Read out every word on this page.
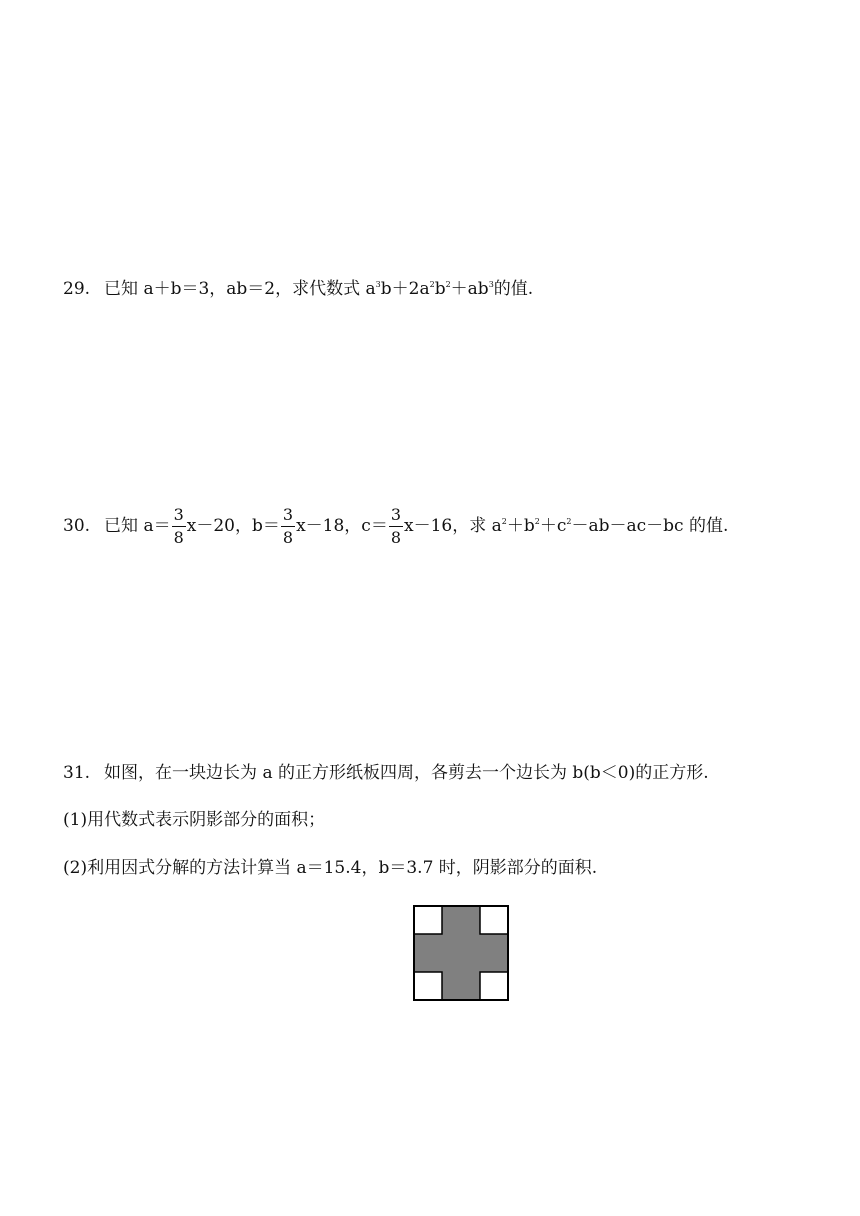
29. 已知 a＋b＝3，ab＝2，求代数式 $a^3b+2a^2b^2+ab^3$的值.
30. 已知 $a= \frac{3}{8} x-20$，$b= \frac{3}{8} x-18$，$c= \frac{3}{8} x-16$，求 $a^2+b^2+c^2-ab-ac-bc$ 的值.
31. 如图，在一块边长为 a 的正方形纸板四周，各剪去一个边长为 b(b＜0)的正方形.
(1)用代数式表示阴影部分的面积；
(2)利用因式分解的方法计算当 a＝15.4，b＝3.7 时，阴影部分的面积.
